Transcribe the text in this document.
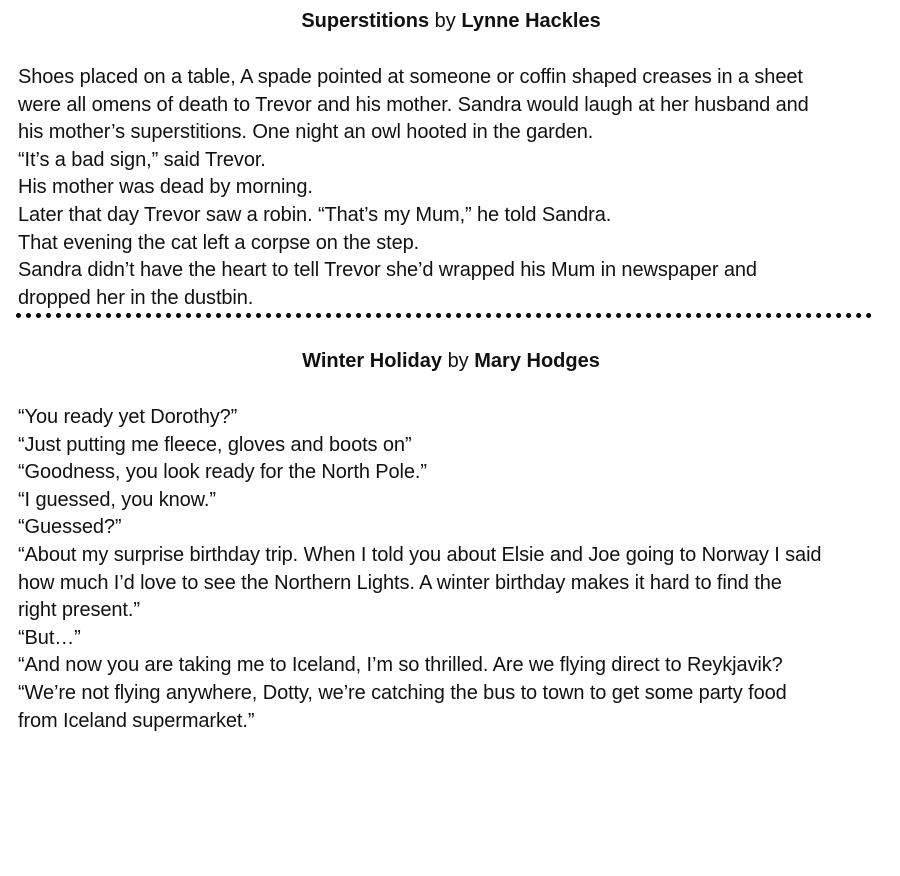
Superstitions by Lynne Hackles

Shoes placed on a table, A spade pointed at someone or coffin shaped creases in a sheet

were all omens of death to Trevor and his mother. Sandra would laugh at her husband and

his mother’s superstitions. One night an owl hooted in the garden.

“It’s a bad sign,” said Trevor.

His mother was dead by morning.

Later that day Trevor saw a robin. “That’s my Mum,” he told Sandra.

That evening the cat left a corpse on the step.

Sandra didn’t have the heart to tell Trevor she’d wrapped his Mum in newspaper and

dropped her in the dustbin.

Winter Holiday by Mary Hodges

“You ready yet Dorothy?”

“Just putting me fleece, gloves and boots on”

“Goodness, you look ready for the North Pole.”

“I guessed, you know.”

“Guessed?”

“About my surprise birthday trip. When I told you about Elsie and Joe going to Norway I said

how much I’d love to see the Northern Lights. A winter birthday makes it hard to find the

right present.”

“But…”

“And now you are taking me to Iceland, I’m so thrilled. Are we flying direct to Reykjavik?

“We’re not flying anywhere, Dotty, we’re catching the bus to town to get some party food

from Iceland supermarket.”
